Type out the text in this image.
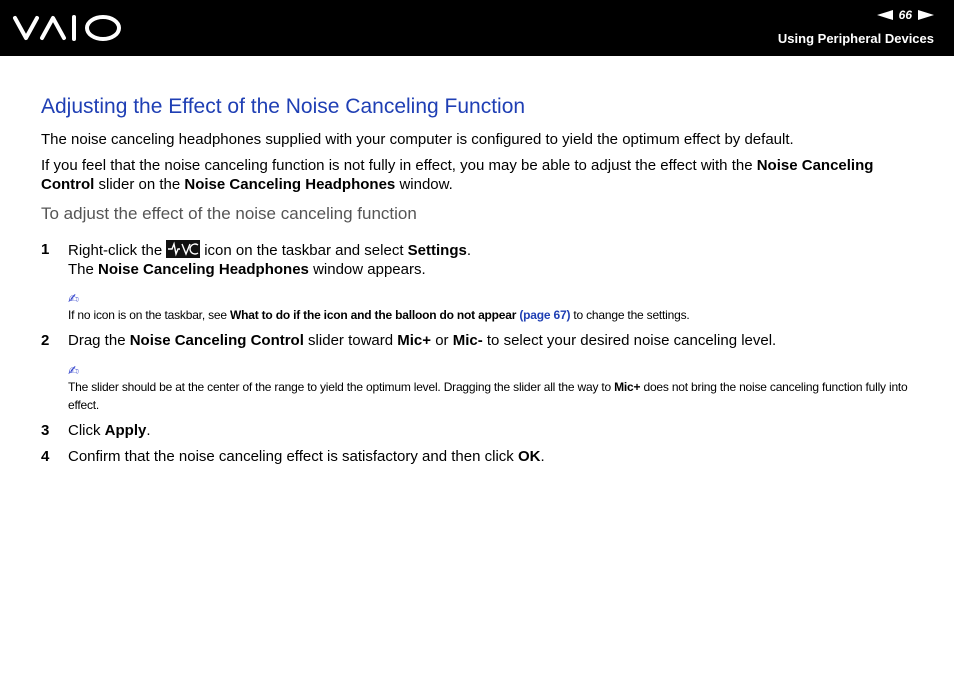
66
Using Peripheral Devices
Adjusting the Effect of the Noise Canceling Function

The noise canceling headphones supplied with your computer is configured to yield the optimum effect by default.

If you feel that the noise canceling function is not fully in effect, you may be able to adjust the effect with the Noise Canceling
Control slider on the Noise Canceling Headphones window.

To adjust the effect of the noise canceling function
1 Right-click the	icon on the taskbar and select Settings.
The Noise Canceling Headphones window appears.
✍
If no icon is on the taskbar, see What to do if the icon and the balloon do not appear (page 67) to change the settings.
2 Drag the Noise Canceling Control slider toward Mic+ or Mic- to select your desired noise canceling level.
✍
The slider should be at the center of the range to yield the optimum level. Dragging the slider all the way to Mic+ does not bring the noise canceling function fully into effect.
3 Click Apply.
4 Confirm that the noise canceling effect is satisfactory and then click OK.
